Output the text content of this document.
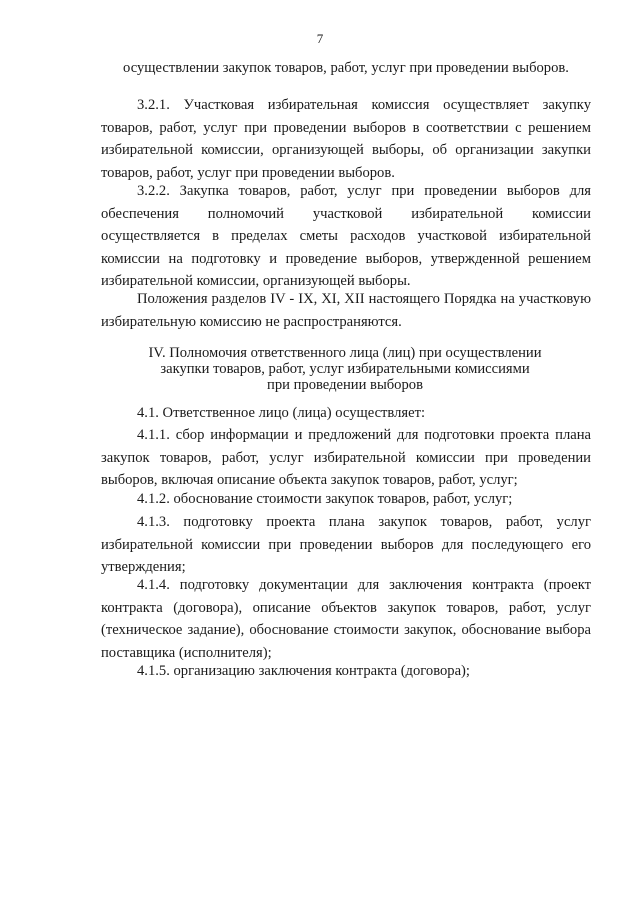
7
осуществлении закупок товаров, работ, услуг при проведении выборов.
3.2.1. Участковая избирательная комиссия осуществляет закупку товаров, работ, услуг при проведении выборов в соответствии с решением избирательной комиссии, организующей выборы, об организации закупки товаров, работ, услуг при проведении выборов.
3.2.2. Закупка товаров, работ, услуг при проведении выборов для обеспечения полномочий участковой избирательной комиссии осуществляется в пределах сметы расходов участковой избирательной комиссии на подготовку и проведение выборов, утвержденной решением избирательной комиссии, организующей выборы.
Положения разделов IV - IX, XI, XII настоящего Порядка на участковую избирательную комиссию не распространяются.
IV. Полномочия ответственного лица (лиц) при осуществлении
закупки товаров, работ, услуг избирательными комиссиями
при проведении выборов
4.1. Ответственное лицо (лица) осуществляет:
4.1.1. сбор информации и предложений для подготовки проекта плана закупок товаров, работ, услуг избирательной комиссии при проведении выборов, включая описание объекта закупок товаров, работ, услуг;
4.1.2. обоснование стоимости закупок товаров, работ, услуг;
4.1.3. подготовку проекта плана закупок товаров, работ, услуг избирательной комиссии при проведении выборов для последующего его утверждения;
4.1.4. подготовку документации для заключения контракта (проект контракта (договора), описание объектов закупок товаров, работ, услуг (техническое задание), обоснование стоимости закупок, обоснование выбора поставщика (исполнителя);
4.1.5. организацию заключения контракта (договора);
